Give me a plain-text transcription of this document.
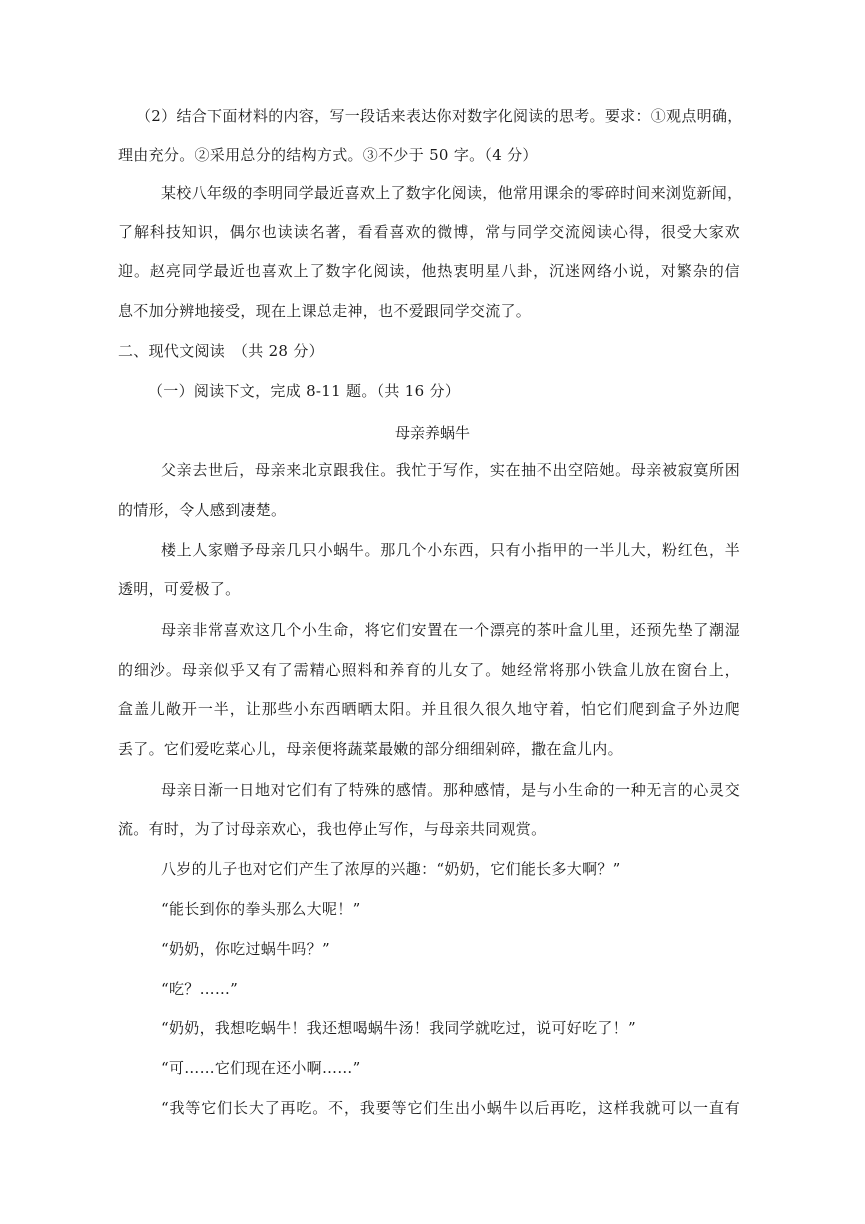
（2）结合下面材料的内容，写一段话来表达你对数字化阅读的思考。要求：①观点明确，
理由充分。②采用总分的结构方式。③不少于 50 字。（4 分）
某校八年级的李明同学最近喜欢上了数字化阅读，他常用课余的零碎时间来浏览新闻，
了解科技知识，偶尔也读读名著，看看喜欢的微博，常与同学交流阅读心得，很受大家欢
迎。赵亮同学最近也喜欢上了数字化阅读，他热衷明星八卦，沉迷网络小说，对繁杂的信
息不加分辨地接受，现在上课总走神，也不爱跟同学交流了。
二、现代文阅读　（共 28 分）
（一）阅读下文，完成 8-11 题。（共 16 分）
母亲养蜗牛
父亲去世后，母亲来北京跟我住。我忙于写作，实在抽不出空陪她。母亲被寂寞所困
的情形，令人感到凄楚。
楼上人家赠予母亲几只小蜗牛。那几个小东西，只有小指甲的一半儿大，粉红色，半
透明，可爱极了。
母亲非常喜欢这几个小生命，将它们安置在一个漂亮的茶叶盒儿里，还预先垫了潮湿
的细沙。母亲似乎又有了需精心照料和养育的儿女了。她经常将那小铁盒儿放在窗台上，
盒盖儿敞开一半，让那些小东西晒晒太阳。并且很久很久地守着，怕它们爬到盒子外边爬
丢了。它们爱吃菜心儿，母亲便将蔬菜最嫩的部分细细剁碎，撒在盒儿内。
母亲日渐一日地对它们有了特殊的感情。那种感情，是与小生命的一种无言的心灵交
流。有时，为了讨母亲欢心，我也停止写作，与母亲共同观赏。
八岁的儿子也对它们产生了浓厚的兴趣：“奶奶，它们能长多大啊？”
“能长到你的拳头那么大呢！”
“奶奶，你吃过蜗牛吗？”
“吃？……”
“奶奶，我想吃蜗牛！我还想喝蜗牛汤！我同学就吃过，说可好吃了！”
“可……它们现在还小啊……”
“我等它们长大了再吃。不，我要等它们生出小蜗牛以后再吃，这样我就可以一直有
